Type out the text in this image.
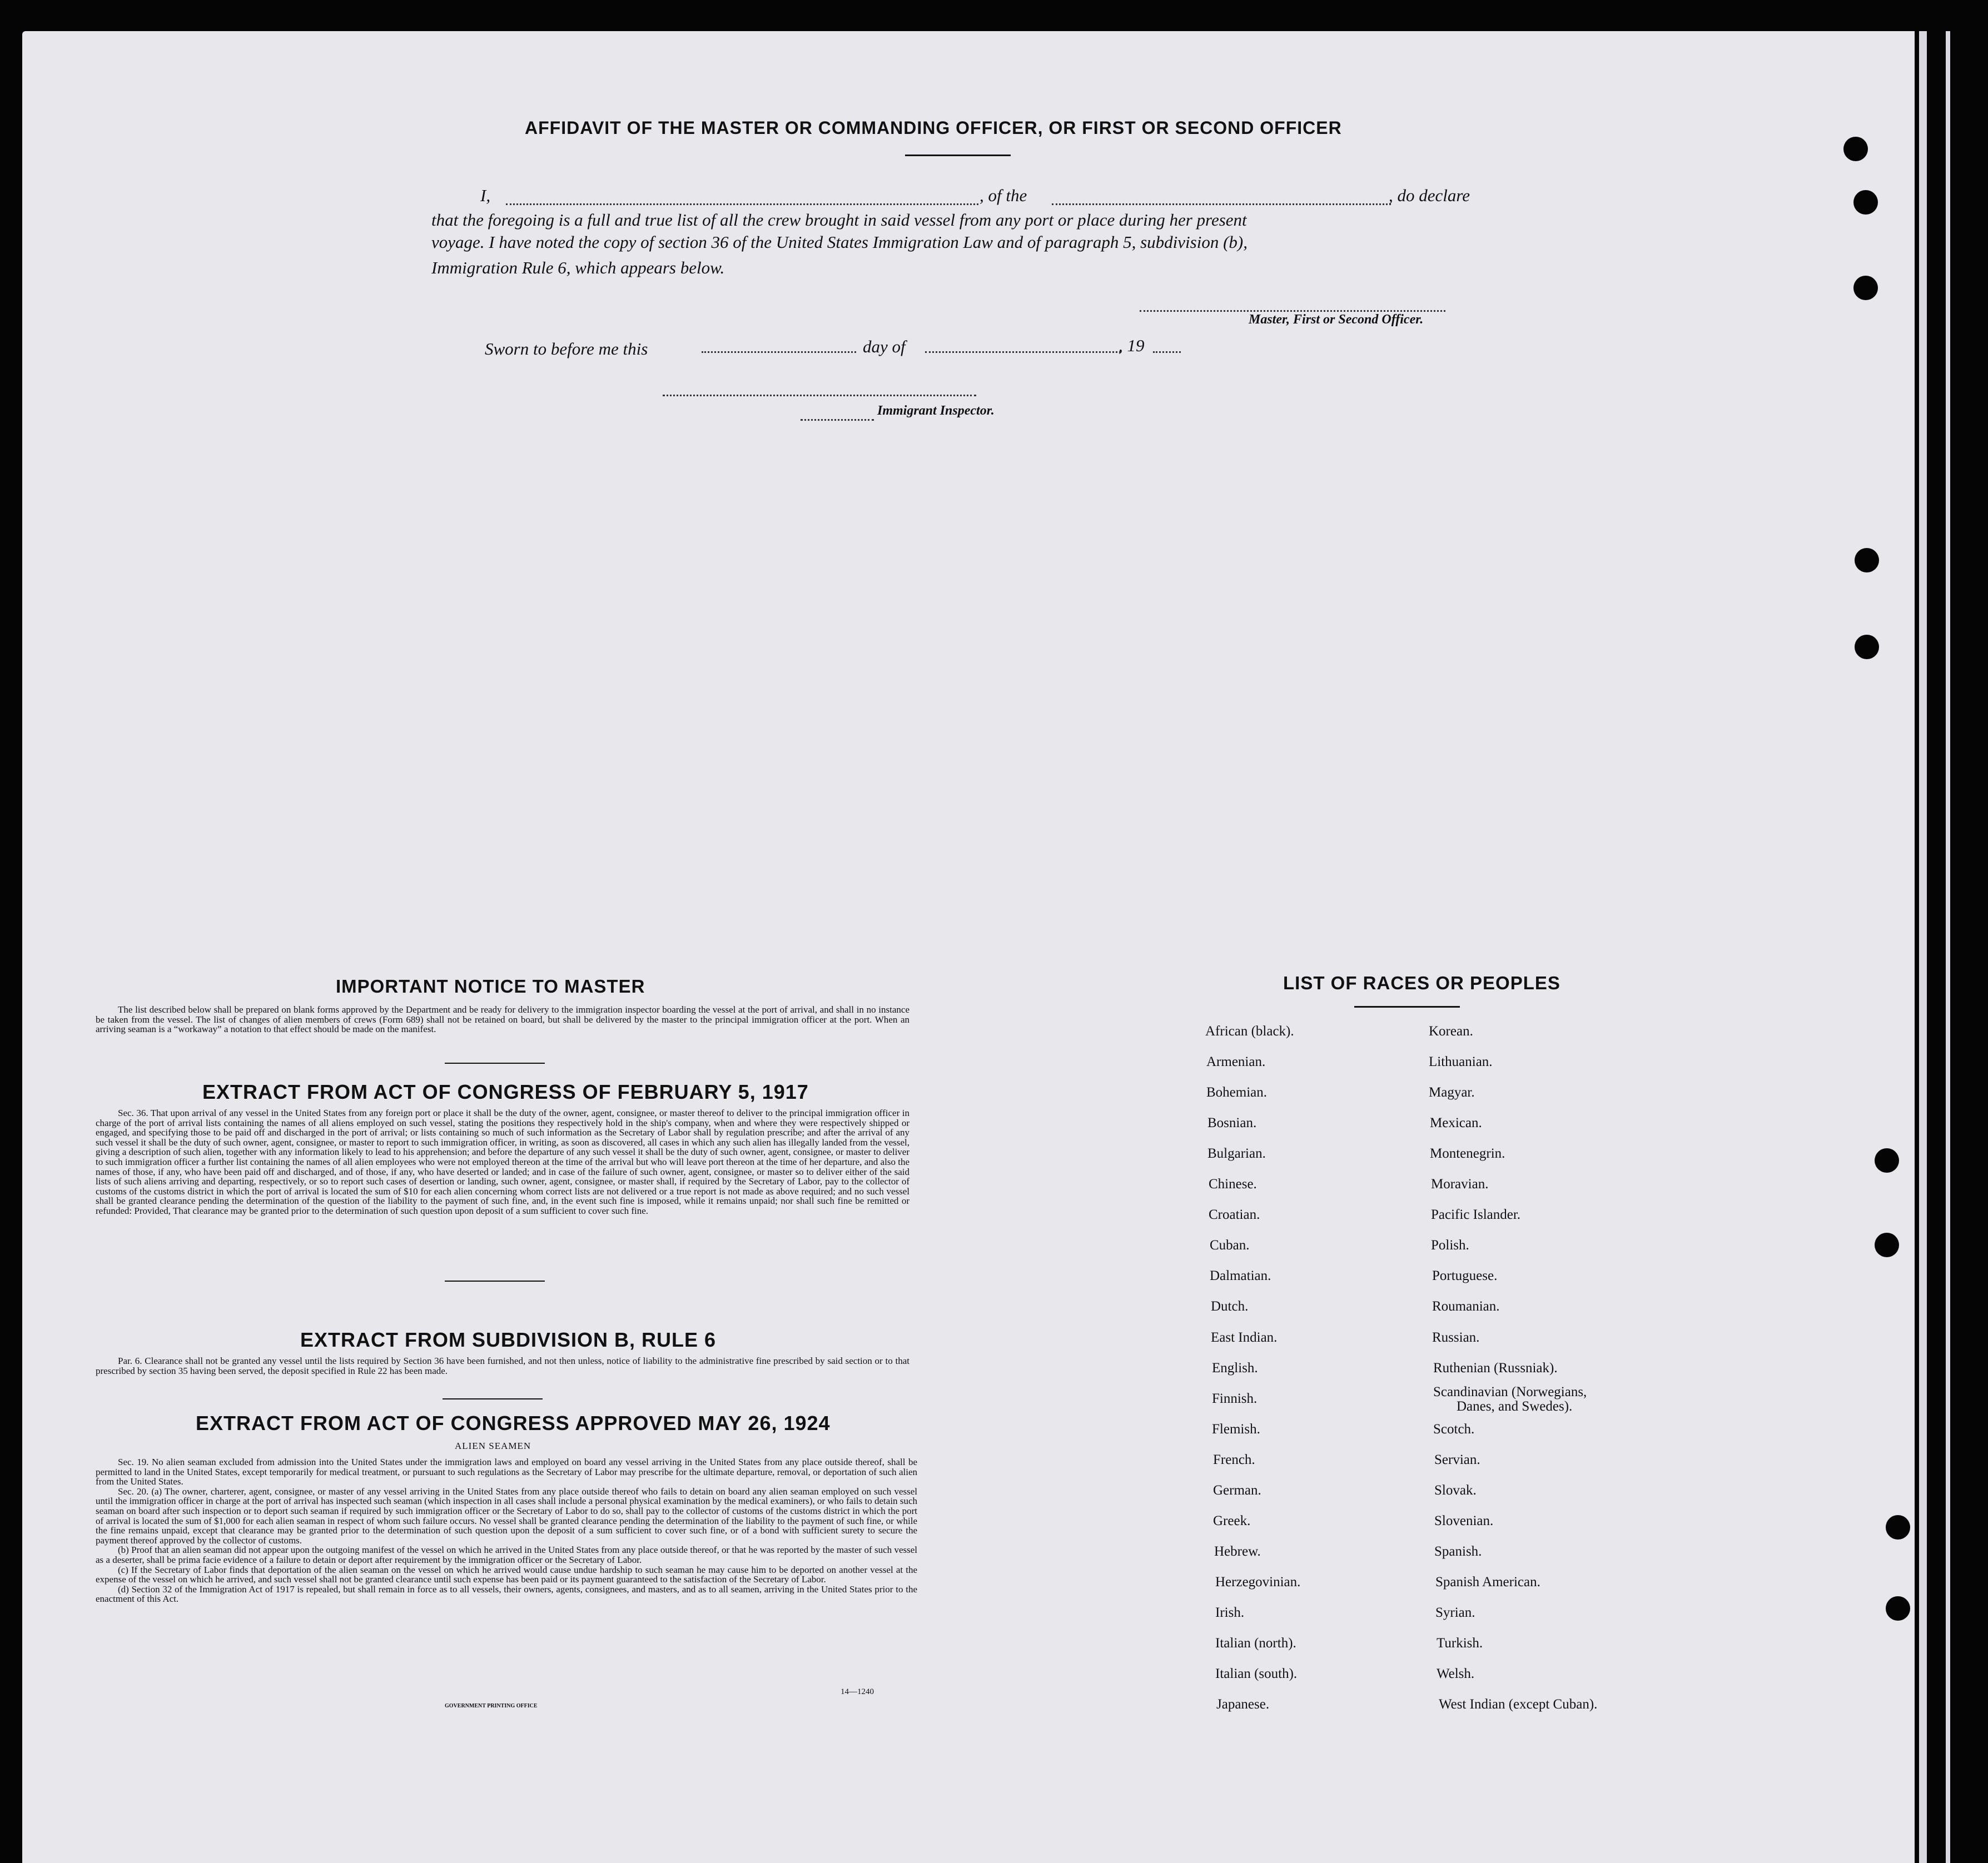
AFFIDAVIT OF THE MASTER OR COMMANDING OFFICER, OR FIRST OR SECOND OFFICER
I,	, of the	, do declare
that the foregoing is a full and true list of all the crew brought in said vessel from any port or place during her present
voyage. I have noted the copy of section 36 of the United States Immigration Law and of paragraph 5, subdivision (b),
Immigration Rule 6, which appears below.
Master, First or Second Officer.
Sworn to before me this	day of	, 19
Immigrant Inspector.
IMPORTANT NOTICE TO MASTER

The list described below shall be prepared on blank forms approved by the Department and be ready for delivery to the immigration inspector boarding the vessel at the port of arrival, and shall in no instance be taken from the vessel. The list of changes of alien members of crews (Form 689) shall not be retained on board, but shall be delivered by the master to the principal immigration officer at the port. When an arriving seaman is a “workaway” a notation to that effect should be made on the manifest.

EXTRACT FROM ACT OF CONGRESS OF FEBRUARY 5, 1917

Sec. 36. That upon arrival of any vessel in the United States from any foreign port or place it shall be the duty of the owner, agent, consignee, or master thereof to deliver to the principal immigration officer in charge of the port of arrival lists containing the names of all aliens employed on such vessel, stating the positions they respectively hold in the ship's company, when and where they were respectively shipped or engaged, and specifying those to be paid off and discharged in the port of arrival; or lists containing so much of such information as the Secretary of Labor shall by regulation prescribe; and after the arrival of any such vessel it shall be the duty of such owner, agent, consignee, or master to report to such immigration officer, in writing, as soon as discovered, all cases in which any such alien has illegally landed from the vessel, giving a description of such alien, together with any information likely to lead to his apprehension; and before the departure of any such vessel it shall be the duty of such owner, agent, consignee, or master to deliver to such immigration officer a further list containing the names of all alien employees who were not employed thereon at the time of the arrival but who will leave port thereon at the time of her departure, and also the names of those, if any, who have been paid off and discharged, and of those, if any, who have deserted or landed; and in case of the failure of such owner, agent, consignee, or master so to deliver either of the said lists of such aliens arriving and departing, respectively, or so to report such cases of desertion or landing, such owner, agent, consignee, or master shall, if required by the Secretary of Labor, pay to the collector of customs of the customs district in which the port of arrival is located the sum of $10 for each alien concerning whom correct lists are not delivered or a true report is not made as above required; and no such vessel shall be granted clearance pending the determination of the question of the liability to the payment of such fine, and, in the event such fine is imposed, while it remains unpaid; nor shall such fine be remitted or refunded: Provided, That clearance may be granted prior to the determination of such question upon deposit of a sum sufficient to cover such fine.

EXTRACT FROM SUBDIVISION B, RULE 6

Par. 6. Clearance shall not be granted any vessel until the lists required by Section 36 have been furnished, and not then unless, notice of liability to the administrative fine prescribed by said section or to that prescribed by section 35 having been served, the deposit specified in Rule 22 has been made.

EXTRACT FROM ACT OF CONGRESS APPROVED MAY 26, 1924
ALIEN SEAMEN

Sec. 19. No alien seaman excluded from admission into the United States under the immigration laws and employed on board any vessel arriving in the United States from any place outside thereof, shall be permitted to land in the United States, except temporarily for medical treatment, or pursuant to such regulations as the Secretary of Labor may prescribe for the ultimate departure, removal, or deportation of such alien from the United States.

Sec. 20. (a) The owner, charterer, agent, consignee, or master of any vessel arriving in the United States from any place outside thereof who fails to detain on board any alien seaman employed on such vessel until the immigration officer in charge at the port of arrival has inspected such seaman (which inspection in all cases shall include a personal physical examination by the medical examiners), or who fails to detain such seaman on board after such inspection or to deport such seaman if required by such immigration officer or the Secretary of Labor to do so, shall pay to the collector of customs of the customs district in which the port of arrival is located the sum of $1,000 for each alien seaman in respect of whom such failure occurs. No vessel shall be granted clearance pending the determination of the liability to the payment of such fine, or while the fine remains unpaid, except that clearance may be granted prior to the determination of such question upon the deposit of a sum sufficient to cover such fine, or of a bond with sufficient surety to secure the payment thereof approved by the collector of customs.

(b) Proof that an alien seaman did not appear upon the outgoing manifest of the vessel on which he arrived in the United States from any place outside thereof, or that he was reported by the master of such vessel as a deserter, shall be prima facie evidence of a failure to detain or deport after requirement by the immigration officer or the Secretary of Labor.

(c) If the Secretary of Labor finds that deportation of the alien seaman on the vessel on which he arrived would cause undue hardship to such seaman he may cause him to be deported on another vessel at the expense of the vessel on which he arrived, and such vessel shall not be granted clearance until such expense has been paid or its payment guaranteed to the satisfaction of the Secretary of Labor.

(d) Section 32 of the Immigration Act of 1917 is repealed, but shall remain in force as to all vessels, their owners, agents, consignees, and masters, and as to all seamen, arriving in the United States prior to the enactment of this Act.

14—1240
GOVERNMENT PRINTING OFFICE
LIST OF RACES OR PEOPLES
African (black).
Armenian.
Bohemian.
Bosnian.
Bulgarian.
Chinese.
Croatian.
Cuban.
Dalmatian.
Dutch.
East Indian.
English.
Finnish.
Flemish.
French.
German.
Greek.
Hebrew.
Herzegovinian.
Irish.
Italian (north).
Italian (south).
Japanese.
Korean.
Lithuanian.
Magyar.
Mexican.
Montenegrin.
Moravian.
Pacific Islander.
Polish.
Portuguese.
Roumanian.
Russian.
Ruthenian (Russniak).
Scandinavian (Norwegians,
Scotch.
Servian.
Slovak.
Slovenian.
Spanish.
Spanish American.
Syrian.
Turkish.
Welsh.
West Indian (except Cuban).
Danes, and Swedes).
